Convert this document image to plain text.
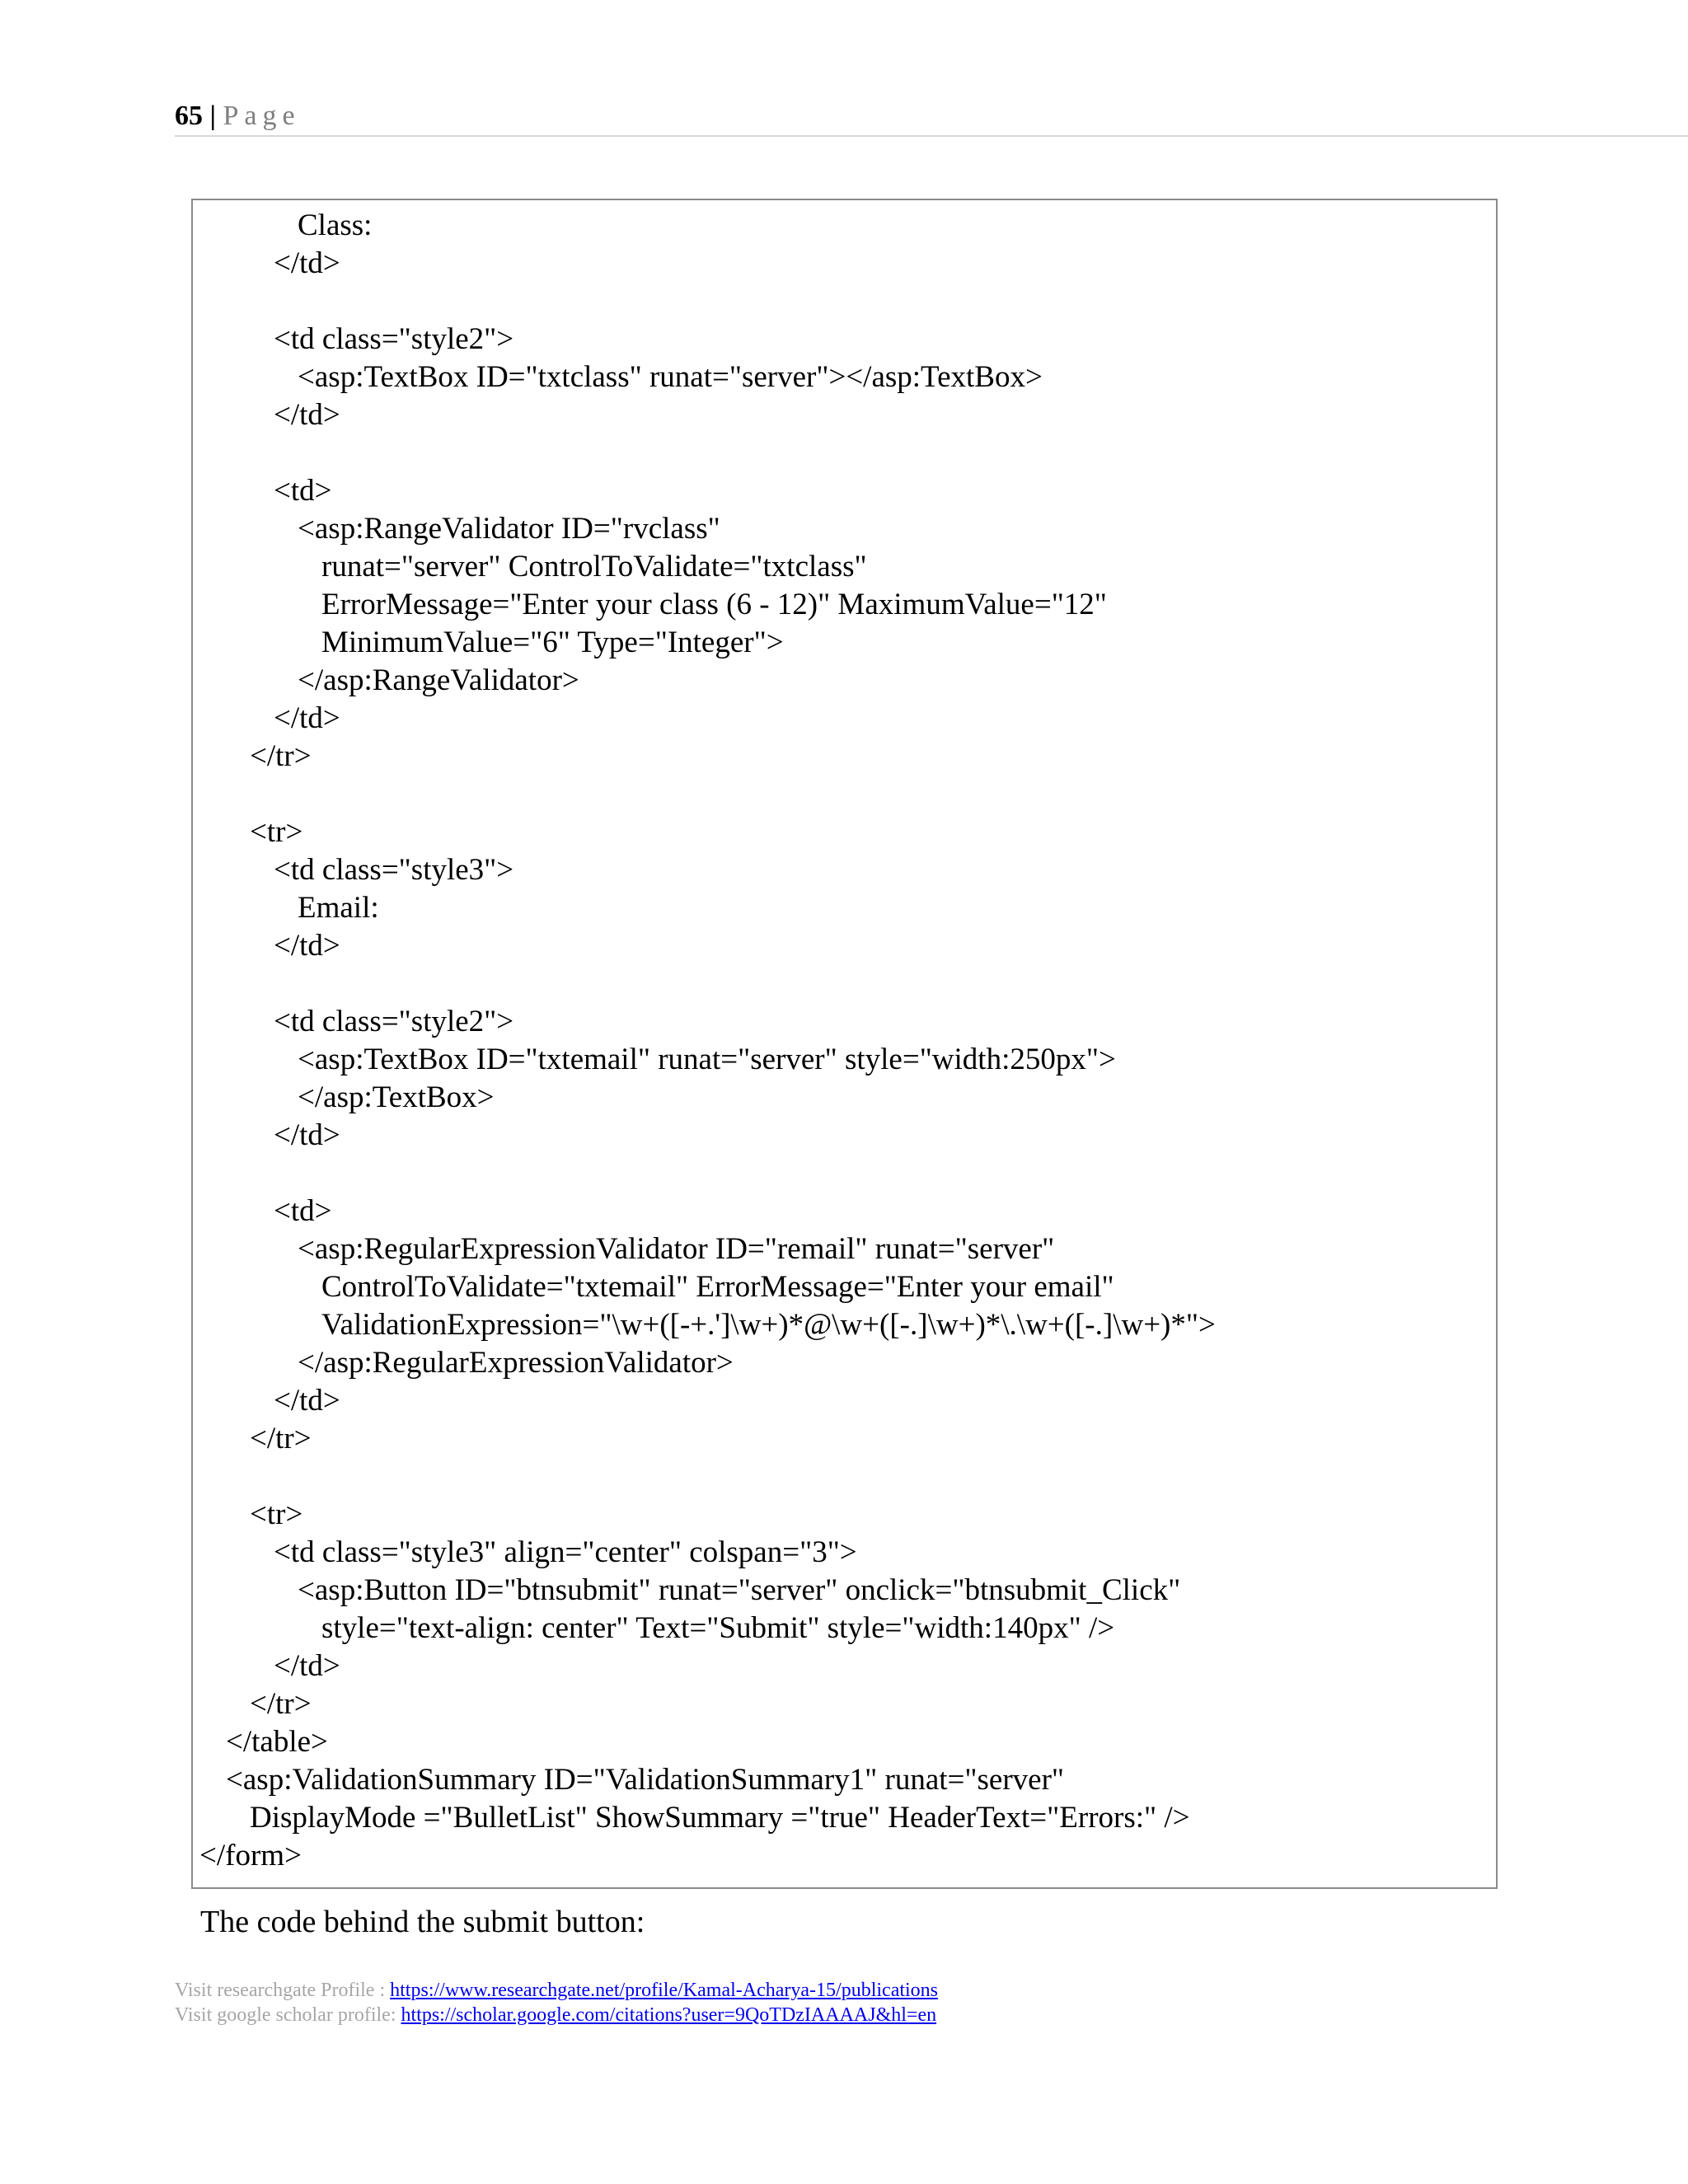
65 | Page
Class:
</td>
<td class="style2">
<asp:TextBox ID="txtclass" runat="server"></asp:TextBox>
</td>
<td>
<asp:RangeValidator ID="rvclass"
runat="server" ControlToValidate="txtclass"
ErrorMessage="Enter your class (6 - 12)" MaximumValue="12"
MinimumValue="6" Type="Integer">
</asp:RangeValidator>
</td>
</tr>
<tr>
<td class="style3">
Email:
</td>
<td class="style2">
<asp:TextBox ID="txtemail" runat="server" style="width:250px">
</asp:TextBox>
</td>
<td>
<asp:RegularExpressionValidator ID="remail" runat="server"
ControlToValidate="txtemail" ErrorMessage="Enter your email"
ValidationExpression="\w+([-+.']\w+)*@\w+([-.]\w+)*\.\w+([-.]\w+)*">
</asp:RegularExpressionValidator>
</td>
</tr>
<tr>
<td class="style3" align="center" colspan="3">
<asp:Button ID="btnsubmit" runat="server" onclick="btnsubmit_Click"
style="text-align: center" Text="Submit" style="width:140px" />
</td>
</tr>
</table>
<asp:ValidationSummary ID="ValidationSummary1" runat="server"
DisplayMode ="BulletList" ShowSummary ="true" HeaderText="Errors:" />
</form>
The code behind the submit button:
Visit researchgate Profile : https://www.researchgate.net/profile/Kamal-Acharya-15/publications
Visit google scholar profile: https://scholar.google.com/citations?user=9QoTDzIAAAAJ&hl=en
